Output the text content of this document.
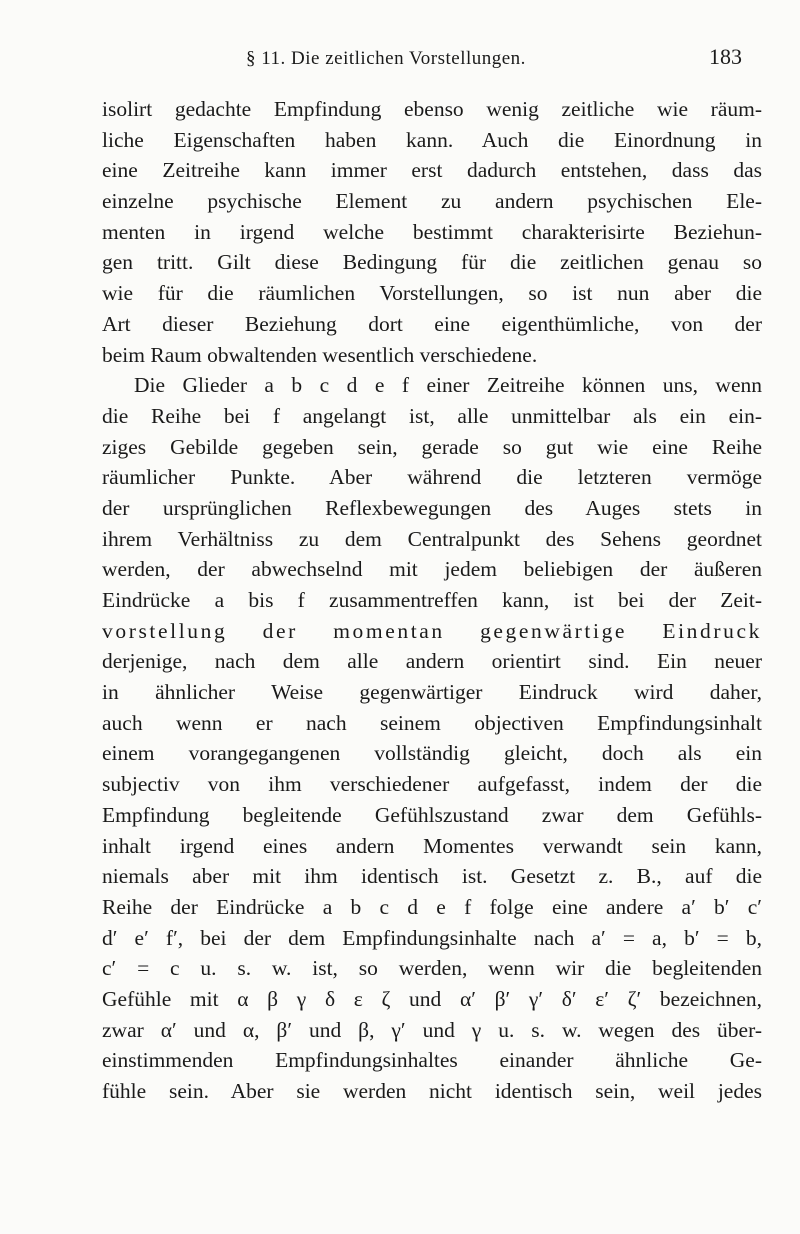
§ 11. Die zeitlichen Vorstellungen.	183
isolirt gedachte Empfindung ebenso wenig zeitliche wie räum-
liche Eigenschaften haben kann. Auch die Einordnung in
eine Zeitreihe kann immer erst dadurch entstehen, dass das
einzelne psychische Element zu andern psychischen Ele-
menten in irgend welche bestimmt charakterisirte Beziehun-
gen tritt. Gilt diese Bedingung für die zeitlichen genau so
wie für die räumlichen Vorstellungen, so ist nun aber die
Art dieser Beziehung dort eine eigenthümliche, von der
beim Raum obwaltenden wesentlich verschiedene.
Die Glieder a b c d e f einer Zeitreihe können uns, wenn
die Reihe bei f angelangt ist, alle unmittelbar als ein ein-
ziges Gebilde gegeben sein, gerade so gut wie eine Reihe
räumlicher Punkte. Aber während die letzteren vermöge
der ursprünglichen Reflexbewegungen des Auges stets in
ihrem Verhältniss zu dem Centralpunkt des Sehens geordnet
werden, der abwechselnd mit jedem beliebigen der äußeren
Eindrücke a bis f zusammentreffen kann, ist bei der Zeit-
vorstellung der momentan gegenwärtige Eindruck
derjenige, nach dem alle andern orientirt sind. Ein neuer
in ähnlicher Weise gegenwärtiger Eindruck wird daher,
auch wenn er nach seinem objectiven Empfindungsinhalt
einem vorangegangenen vollständig gleicht, doch als ein
subjectiv von ihm verschiedener aufgefasst, indem der die
Empfindung begleitende Gefühlszustand zwar dem Gefühls-
inhalt irgend eines andern Momentes verwandt sein kann,
niemals aber mit ihm identisch ist. Gesetzt z. B., auf die
Reihe der Eindrücke a b c d e f folge eine andere a′ b′ c′
d′ e′ f′, bei der dem Empfindungsinhalte nach a′ = a, b′ = b,
c′ = c u. s. w. ist, so werden, wenn wir die begleitenden
Gefühle mit α β γ δ ε ζ und α′ β′ γ′ δ′ ε′ ζ′ bezeichnen,
zwar α′ und α, β′ und β, γ′ und γ u. s. w. wegen des über-
einstimmenden Empfindungsinhaltes einander ähnliche Ge-
fühle sein. Aber sie werden nicht identisch sein, weil jedes
